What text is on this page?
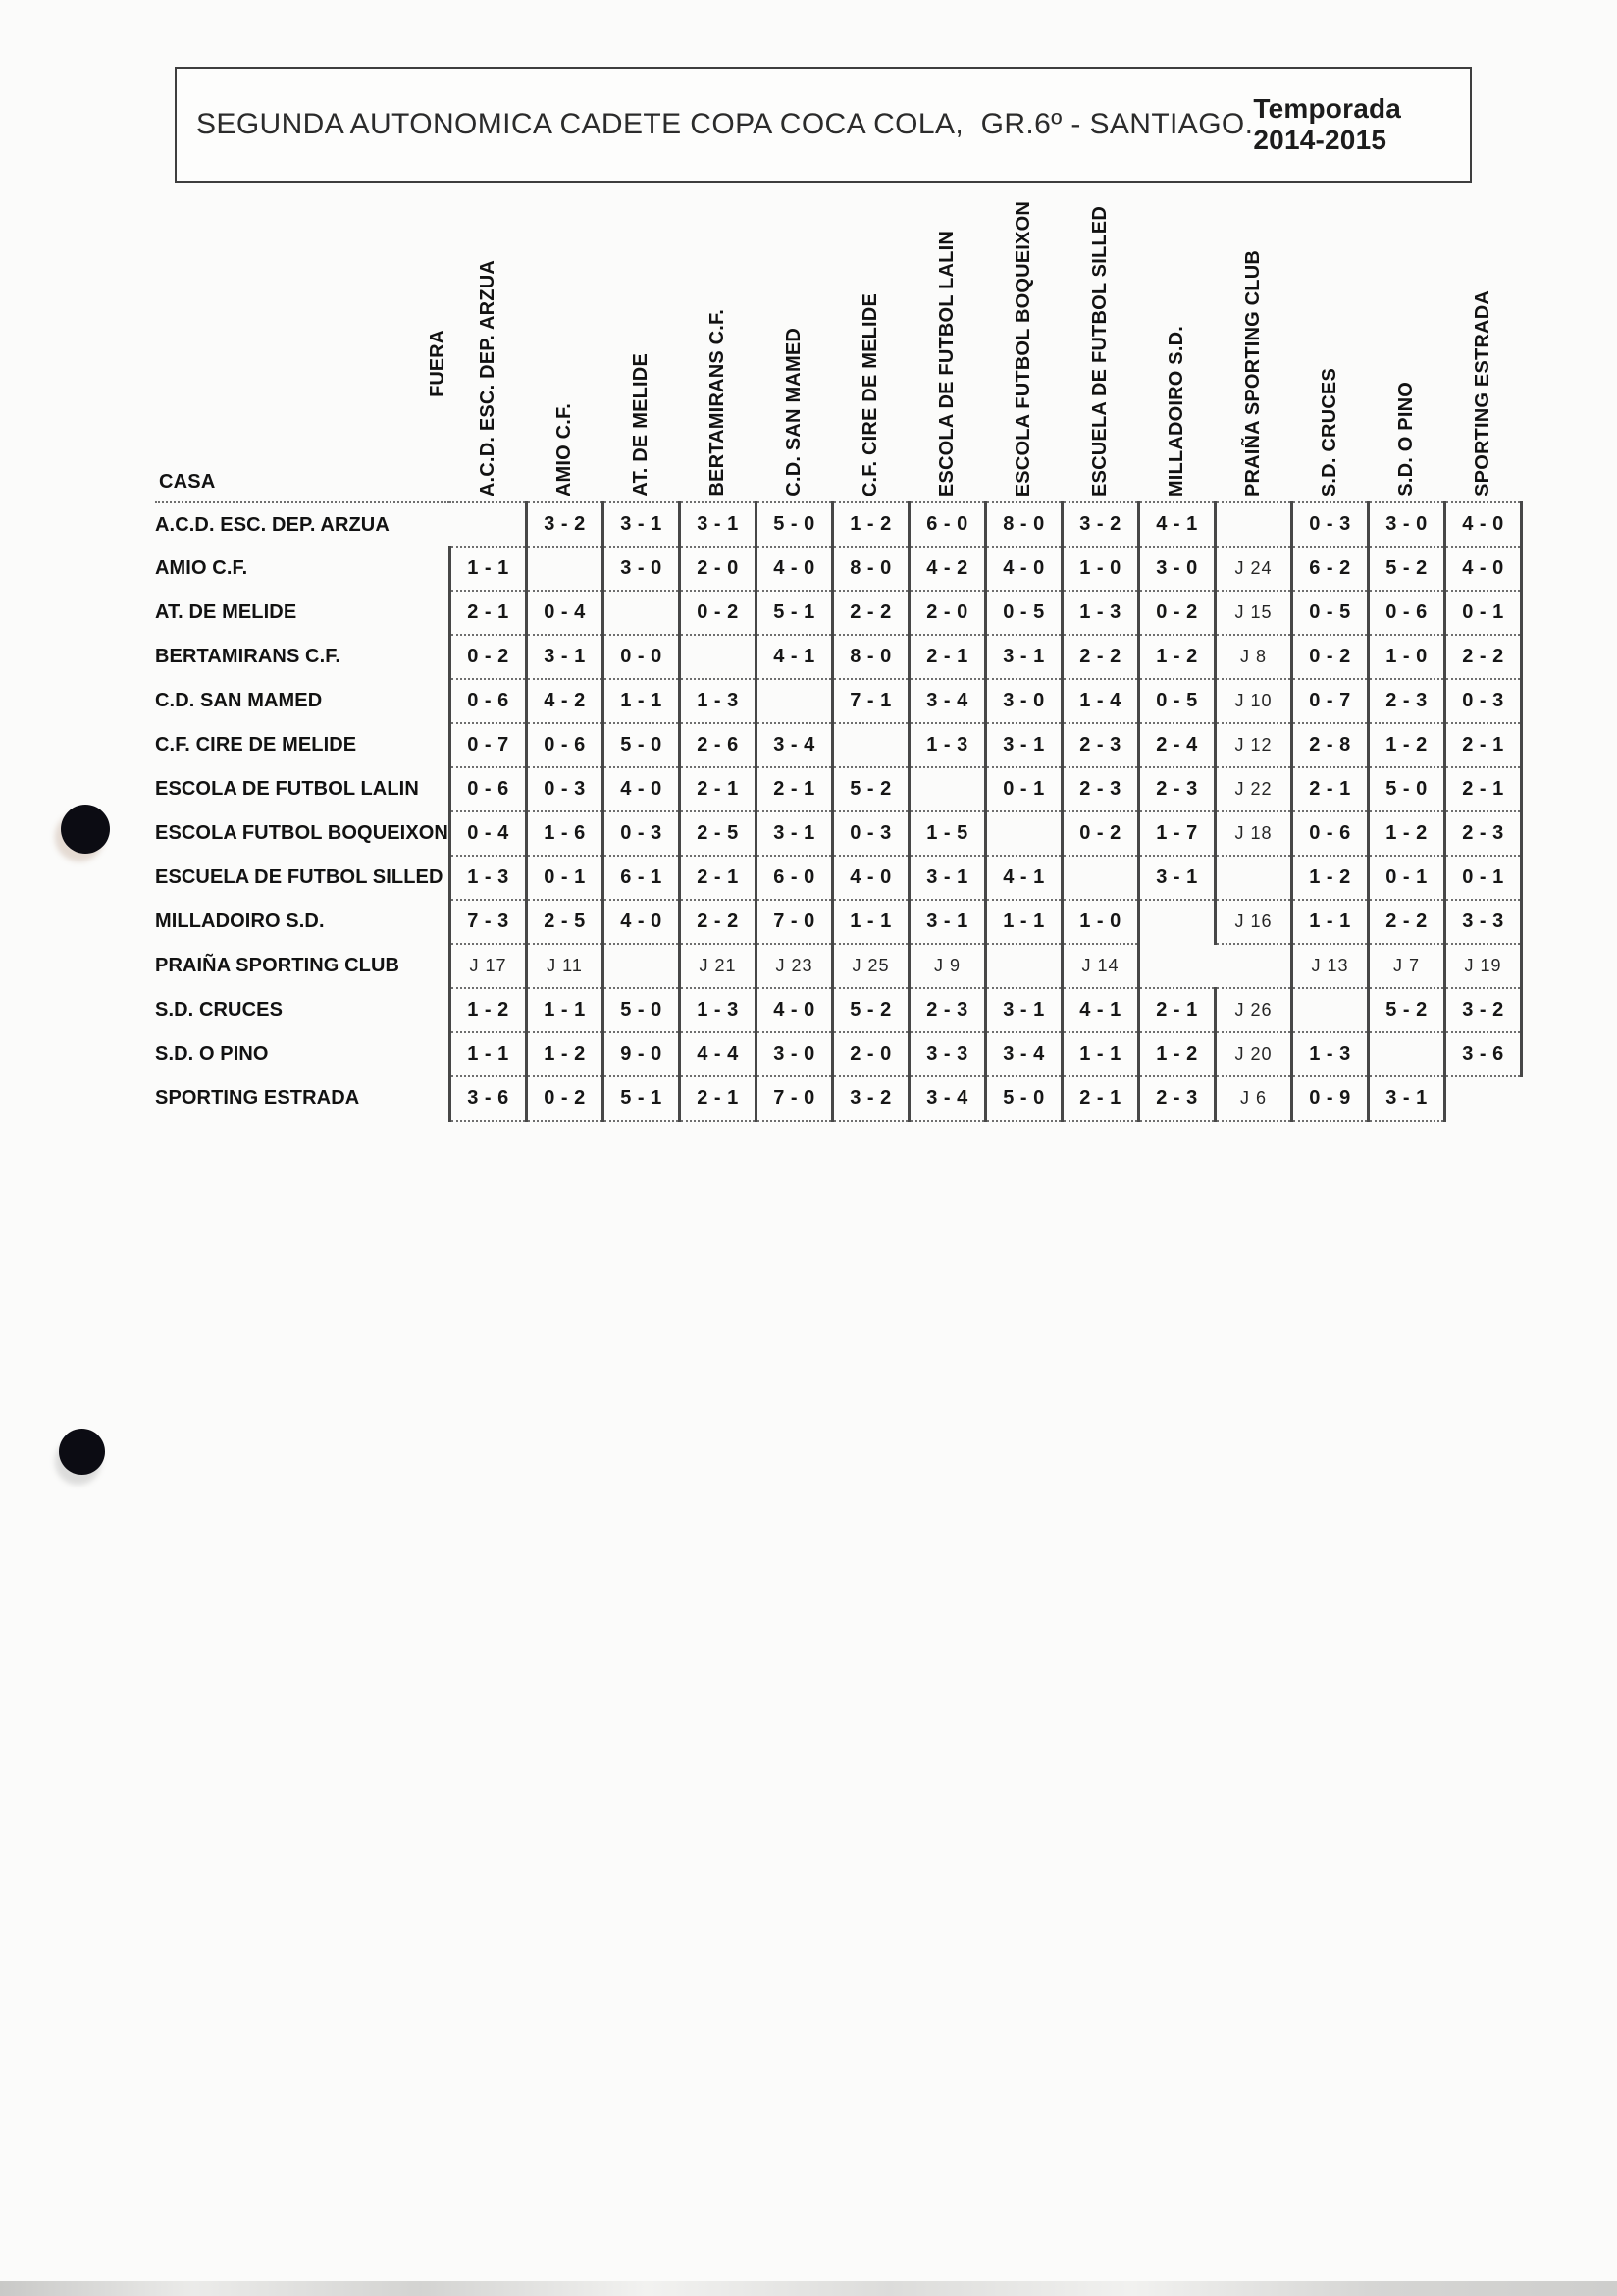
SEGUNDA AUTONOMICA CADETE COPA COCA COLA,  GR.6º - SANTIAGO. Temporada 2014-2015
FUERA
CASA	A.C.D. ESC. DEP. ARZUA	AMIO C.F.	AT. DE MELIDE	BERTAMIRANS C.F.	C.D. SAN MAMED	C.F. CIRE DE MELIDE	ESCOLA DE FUTBOL LALIN	ESCOLA FUTBOL BOQUEIXON	ESCUELA DE FUTBOL SILLED	MILLADOIRO S.D.	PRAIÑA SPORTING CLUB	S.D. CRUCES	S.D. O PINO	SPORTING ESTRADA
A.C.D. ESC. DEP. ARZUA		3 - 2	3 - 1	3 - 1	5 - 0	1 - 2	6 - 0	8 - 0	3 - 2	4 - 1		0 - 3	3 - 0	4 - 0
AMIO C.F.	1 - 1		3 - 0	2 - 0	4 - 0	8 - 0	4 - 2	4 - 0	1 - 0	3 - 0	J 24	6 - 2	5 - 2	4 - 0
AT. DE MELIDE	2 - 1	0 - 4		0 - 2	5 - 1	2 - 2	2 - 0	0 - 5	1 - 3	0 - 2	J 15	0 - 5	0 - 6	0 - 1
BERTAMIRANS C.F.	0 - 2	3 - 1	0 - 0		4 - 1	8 - 0	2 - 1	3 - 1	2 - 2	1 - 2	J 8	0 - 2	1 - 0	2 - 2
C.D. SAN MAMED	0 - 6	4 - 2	1 - 1	1 - 3		7 - 1	3 - 4	3 - 0	1 - 4	0 - 5	J 10	0 - 7	2 - 3	0 - 3
C.F. CIRE DE MELIDE	0 - 7	0 - 6	5 - 0	2 - 6	3 - 4		1 - 3	3 - 1	2 - 3	2 - 4	J 12	2 - 8	1 - 2	2 - 1
ESCOLA DE FUTBOL LALIN	0 - 6	0 - 3	4 - 0	2 - 1	2 - 1	5 - 2		0 - 1	2 - 3	2 - 3	J 22	2 - 1	5 - 0	2 - 1
ESCOLA FUTBOL BOQUEIXON	0 - 4	1 - 6	0 - 3	2 - 5	3 - 1	0 - 3	1 - 5		0 - 2	1 - 7	J 18	0 - 6	1 - 2	2 - 3
ESCUELA DE FUTBOL SILLED	1 - 3	0 - 1	6 - 1	2 - 1	6 - 0	4 - 0	3 - 1	4 - 1		3 - 1		1 - 2	0 - 1	0 - 1
MILLADOIRO S.D.	7 - 3	2 - 5	4 - 0	2 - 2	7 - 0	1 - 1	3 - 1	1 - 1	1 - 0		J 16	1 - 1	2 - 2	3 - 3
PRAIÑA SPORTING CLUB	J 17	J 11		J 21	J 23	J 25	J 9		J 14			J 13	J 7	J 19
S.D. CRUCES	1 - 2	1 - 1	5 - 0	1 - 3	4 - 0	5 - 2	2 - 3	3 - 1	4 - 1	2 - 1	J 26		5 - 2	3 - 2
S.D. O PINO	1 - 1	1 - 2	9 - 0	4 - 4	3 - 0	2 - 0	3 - 3	3 - 4	1 - 1	1 - 2	J 20	1 - 3		3 - 6
SPORTING ESTRADA	3 - 6	0 - 2	5 - 1	2 - 1	7 - 0	3 - 2	3 - 4	5 - 0	2 - 1	2 - 3	J 6	0 - 9	3 - 1	
